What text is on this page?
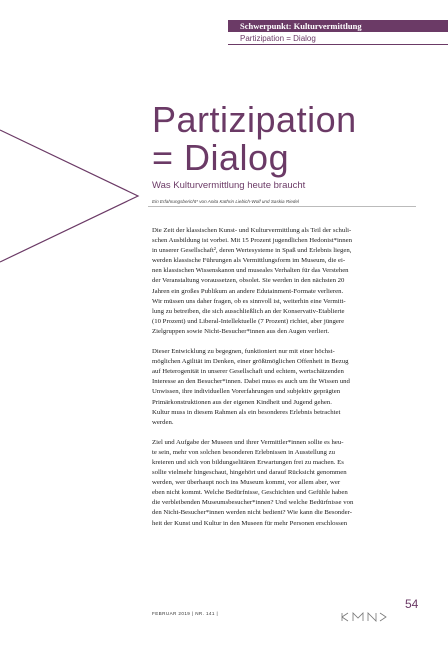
Schwerpunkt: Kulturvermittlung
Partizipation = Dialog
Partizipation
= Dialog
Was Kulturvermittlung heute braucht
Ein Erfahrungsbericht* von Anita Kathrin Liebich-Wolf und Saskia Riedel
Die Zeit der klassischen Kunst- und Kulturvermittlung als Teil der schuli-
schen Ausbildung ist vorbei. Mit 15 Prozent jugendlichen Hedonist*innen
in unserer Gesellschaft², deren Wertesysteme in Spaß und Erlebnis liegen,
werden klassische Führungen als Vermittlungsform im Museum, die ei-
nen klassischen Wissenskanon und museales Verhalten für das Verstehen
der Veranstaltung voraussetzen, obsolet. Sie werden in den nächsten 20
Jahren ein großes Publikum an andere Edutainment-Formate verlieren.
Wir müssen uns daher fragen, ob es sinnvoll ist, weiterhin eine Vermitt-
lung zu betreiben, die sich ausschließlich an der Konservativ-Etablierte
(10 Prozent) und Liberal-Intellektuelle (7 Prozent) richtet, aber jüngere
Zielgruppen sowie Nicht-Besucher*innen aus den Augen verliert.
Dieser Entwicklung zu begegnen, funktioniert nur mit einer höchst-
möglichen Agilität im Denken, einer größtmöglichen Offenheit in Bezug
auf Heterogenität in unserer Gesellschaft und echtem, wertschätzenden
Interesse an den Besucher*innen. Dabei muss es auch um ihr Wissen und
Unwissen, ihre individuellen Vorerfahrungen und subjektiv geprägten
Primärkonstruktionen aus der eigenen Kindheit und Jugend gehen.
Kultur muss in diesem Rahmen als ein besonderes Erlebnis betrachtet
werden.
Ziel und Aufgabe der Museen und ihrer Vermittler*innen sollte es heu-
te sein, mehr von solchen besonderen Erlebnissen in Ausstellung zu
kreieren und sich von bildungselitären Erwartungen frei zu machen. Es
sollte vielmehr hingeschaut, hingehört und darauf Rücksicht genommen
werden, wer überhaupt noch ins Museum kommt, vor allem aber, wer
eben nicht kommt. Welche Bedürfnisse, Geschichten und Gefühle haben
die verbleibenden Museumsbesucher*innen? Und welche Bedürfnisse von
den Nicht-Besucher*innen werden nicht bedient? Wie kann die Besonder-
heit der Kunst und Kultur in den Museen für mehr Personen erschlossen
FEBRUAR 2019 | NR. 141 |
54
